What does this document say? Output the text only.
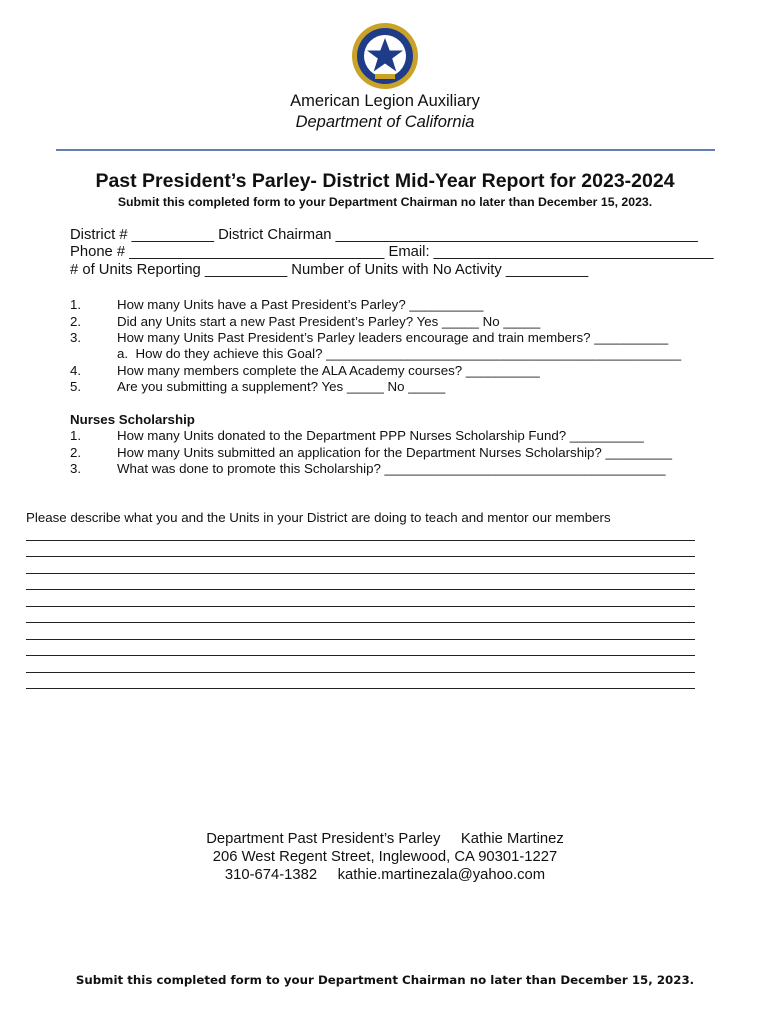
American Legion Auxiliary
Department of California
Past President’s Parley- District Mid-Year Report for 2023-2024
Submit this completed form to your Department Chairman no later than December 15, 2023.
District # __________ District Chairman ____________________________________________
Phone # _______________________________ Email: __________________________________
# of Units Reporting __________ Number of Units with No Activity __________
1.	How many Units have a Past President’s Parley? __________
2.	Did any Units start a new Past President’s Parley? Yes _____ No _____
3.	How many Units Past President’s Parley leaders encourage and train members? __________
a.  How do they achieve this Goal? ________________________________________________
4.	How many members complete the ALA Academy courses? __________
5.	Are you submitting a supplement? Yes _____ No _____
Nurses Scholarship
1.	How many Units donated to the Department PPP Nurses Scholarship Fund? __________
2.	How many Units submitted an application for the Department Nurses Scholarship? _________
3.	What was done to promote this Scholarship? ______________________________________
Please describe what you and the Units in your District are doing to teach and mentor our members
Department Past President’s Parley     Kathie Martinez
206 West Regent Street, Inglewood, CA 90301-1227
310-674-1382     kathie.martinezala@yahoo.com
Submit this completed form to your Department Chairman no later than December 15, 2023.
